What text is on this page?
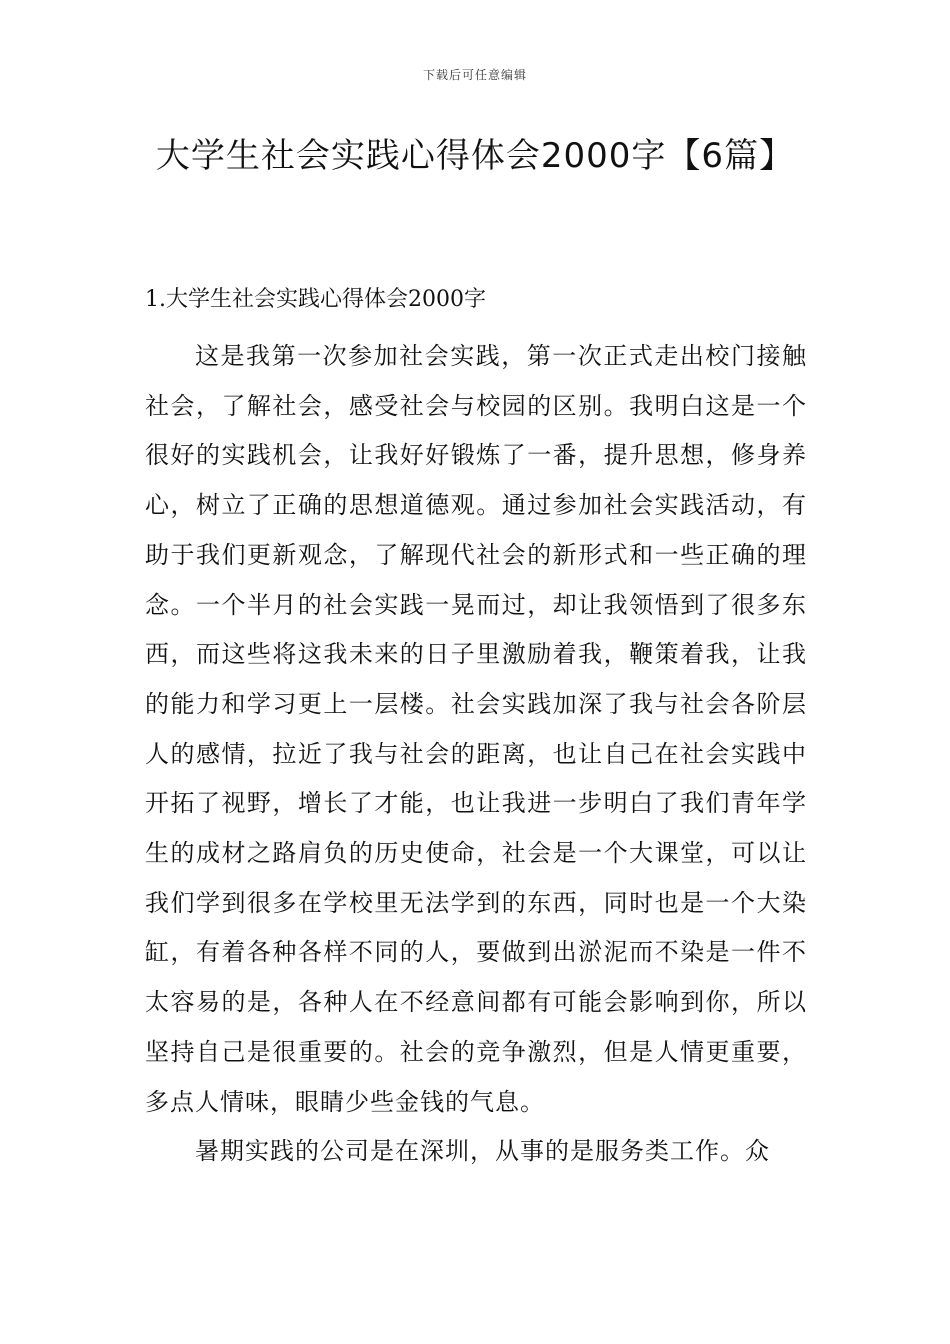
下载后可任意编辑
大学生社会实践心得体会2000字【6篇】
1.大学生社会实践心得体会2000字

这是我第一次参加社会实践，第一次正式走出校门接触社会，了解社会，感受社会与校园的区别。我明白这是一个很好的实践机会，让我好好锻炼了一番，提升思想，修身养心，树立了正确的思想道德观。通过参加社会实践活动，有助于我们更新观念，了解现代社会的新形式和一些正确的理念。一个半月的社会实践一晃而过，却让我领悟到了很多东西，而这些将这我未来的日子里激励着我，鞭策着我，让我的能力和学习更上一层楼。社会实践加深了我与社会各阶层人的感情，拉近了我与社会的距离，也让自己在社会实践中开拓了视野，增长了才能，也让我进一步明白了我们青年学生的成材之路肩负的历史使命，社会是一个大课堂，可以让我们学到很多在学校里无法学到的东西，同时也是一个大染缸，有着各种各样不同的人，要做到出淤泥而不染是一件不太容易的是，各种人在不经意间都有可能会影响到你，所以坚持自己是很重要的。社会的竞争激烈，但是人情更重要，多点人情味，眼睛少些金钱的气息。

暑期实践的公司是在深圳，从事的是服务类工作。众
